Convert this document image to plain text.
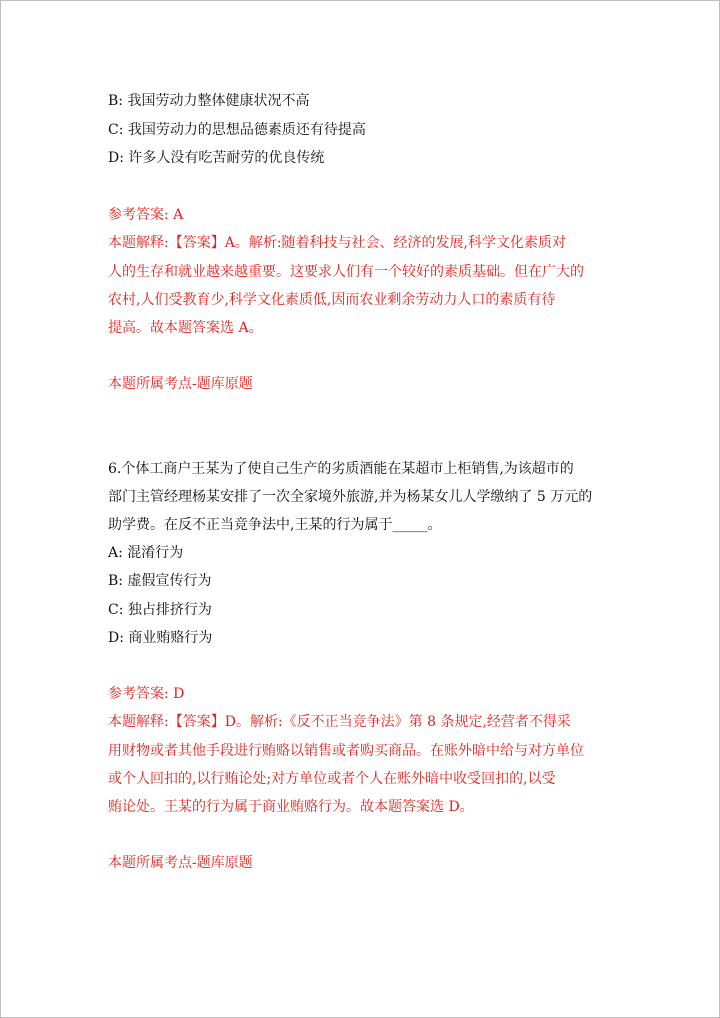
B: 我国劳动力整体健康状况不高
C: 我国劳动力的思想品德素质还有待提高
D: 许多人没有吃苦耐劳的优良传统
参考答案: A
本题解释:【答案】A。解析:随着科技与社会、经济的发展,科学文化素质对
人的生存和就业越来越重要。这要求人们有一个较好的素质基础。但在广大的
农村,人们受教育少,科学文化素质低,因而农业剩余劳动力人口的素质有待
提高。故本题答案选 A。
本题所属考点-题库原题
6.个体工商户王某为了使自己生产的劣质酒能在某超市上柜销售,为该超市的
部门主管经理杨某安排了一次全家境外旅游,并为杨某女儿人学缴纳了 5 万元的
助学费。在反不正当竞争法中,王某的行为属于_____。
A: 混淆行为
B: 虚假宣传行为
C: 独占排挤行为
D: 商业贿赂行为
参考答案: D
本题解释:【答案】D。解析:《反不正当竞争法》第 8 条规定,经营者不得采
用财物或者其他手段进行贿赂以销售或者购买商品。在账外暗中给与对方单位
或个人回扣的,以行贿论处;对方单位或者个人在账外暗中收受回扣的,以受
贿论处。王某的行为属于商业贿赂行为。故本题答案选 D。
本题所属考点-题库原题
